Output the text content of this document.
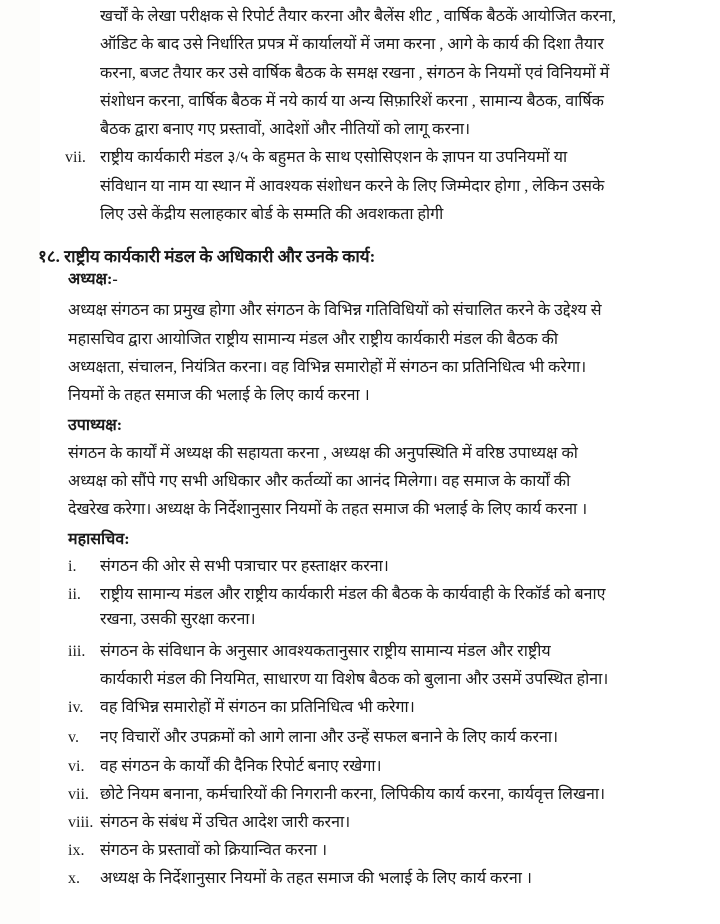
खर्चों के लेखा परीक्षक से रिपोर्ट तैयार करना और बैलेंस शीट , वार्षिक बैठकें आयोजित करना,
ऑडिट के बाद उसे निर्धारित प्रपत्र में कार्यालयों में जमा करना , आगे के कार्य की दिशा तैयार
करना, बजट तैयार कर उसे वार्षिक बैठक के समक्ष रखना , संगठन के नियमों एवं विनियमों में
संशोधन करना, वार्षिक बैठक में नये कार्य या अन्य सिफ़ारिशें करना , सामान्य बैठक, वार्षिक
बैठक द्वारा बनाए गए प्रस्तावों, आदेशों और नीतियों को लागू करना।
vii. राष्ट्रीय कार्यकारी मंडल ३/५ के बहुमत के साथ एसोसिएशन के ज्ञापन या उपनियमों या
संविधान या नाम या स्थान में आवश्यक संशोधन करने के लिए जिम्मेदार होगा , लेकिन उसके
लिए उसे केंद्रीय सलाहकार बोर्ड के सम्मति की अवशकता होगी
१८. राष्ट्रीय कार्यकारी मंडल के अधिकारी और उनके कार्य:
अध्यक्ष:-
अध्यक्ष संगठन का प्रमुख होगा और संगठन के विभिन्न गतिविधियों को संचालित करने के उद्देश्य से
महासचिव द्वारा आयोजित राष्ट्रीय सामान्य मंडल और राष्ट्रीय कार्यकारी मंडल की बैठक की
अध्यक्षता, संचालन, नियंत्रित करना। वह विभिन्न समारोहों में संगठन का प्रतिनिधित्व भी करेगा।
नियमों के तहत समाज की भलाई के लिए कार्य करना ।
उपाध्यक्ष:
संगठन के कार्यों में अध्यक्ष की सहायता करना , अध्यक्ष की अनुपस्थिति में वरिष्ठ उपाध्यक्ष को
अध्यक्ष को सौंपे गए सभी अधिकार और कर्तव्यों का आनंद मिलेगा। वह समाज के कार्यों की
देखरेख करेगा। अध्यक्ष के निर्देशानुसार नियमों के तहत समाज की भलाई के लिए कार्य करना ।
महासचिव:
i. संगठन की ओर से सभी पत्राचार पर हस्ताक्षर करना।
ii. राष्ट्रीय सामान्य मंडल और राष्ट्रीय कार्यकारी मंडल की बैठक के कार्यवाही के रिकॉर्ड को बनाए
रखना, उसकी सुरक्षा करना।
iii. संगठन के संविधान के अनुसार आवश्यकतानुसार राष्ट्रीय सामान्य मंडल और राष्ट्रीय
कार्यकारी मंडल की नियमित, साधारण या विशेष बैठक को बुलाना और उसमें उपस्थित होना।
iv. वह विभिन्न समारोहों में संगठन का प्रतिनिधित्व भी करेगा।
v. नए विचारों और उपक्रमों को आगे लाना और उन्हें सफल बनाने के लिए कार्य करना।
vi. वह संगठन के कार्यों की दैनिक रिपोर्ट बनाए रखेगा।
vii. छोटे नियम बनाना, कर्मचारियों की निगरानी करना, लिपिकीय कार्य करना, कार्यवृत्त लिखना।
viii. संगठन के संबंध में उचित आदेश जारी करना।
ix. संगठन के प्रस्तावों को क्रियान्वित करना ।
x. अध्यक्ष के निर्देशानुसार नियमों के तहत समाज की भलाई के लिए कार्य करना ।
